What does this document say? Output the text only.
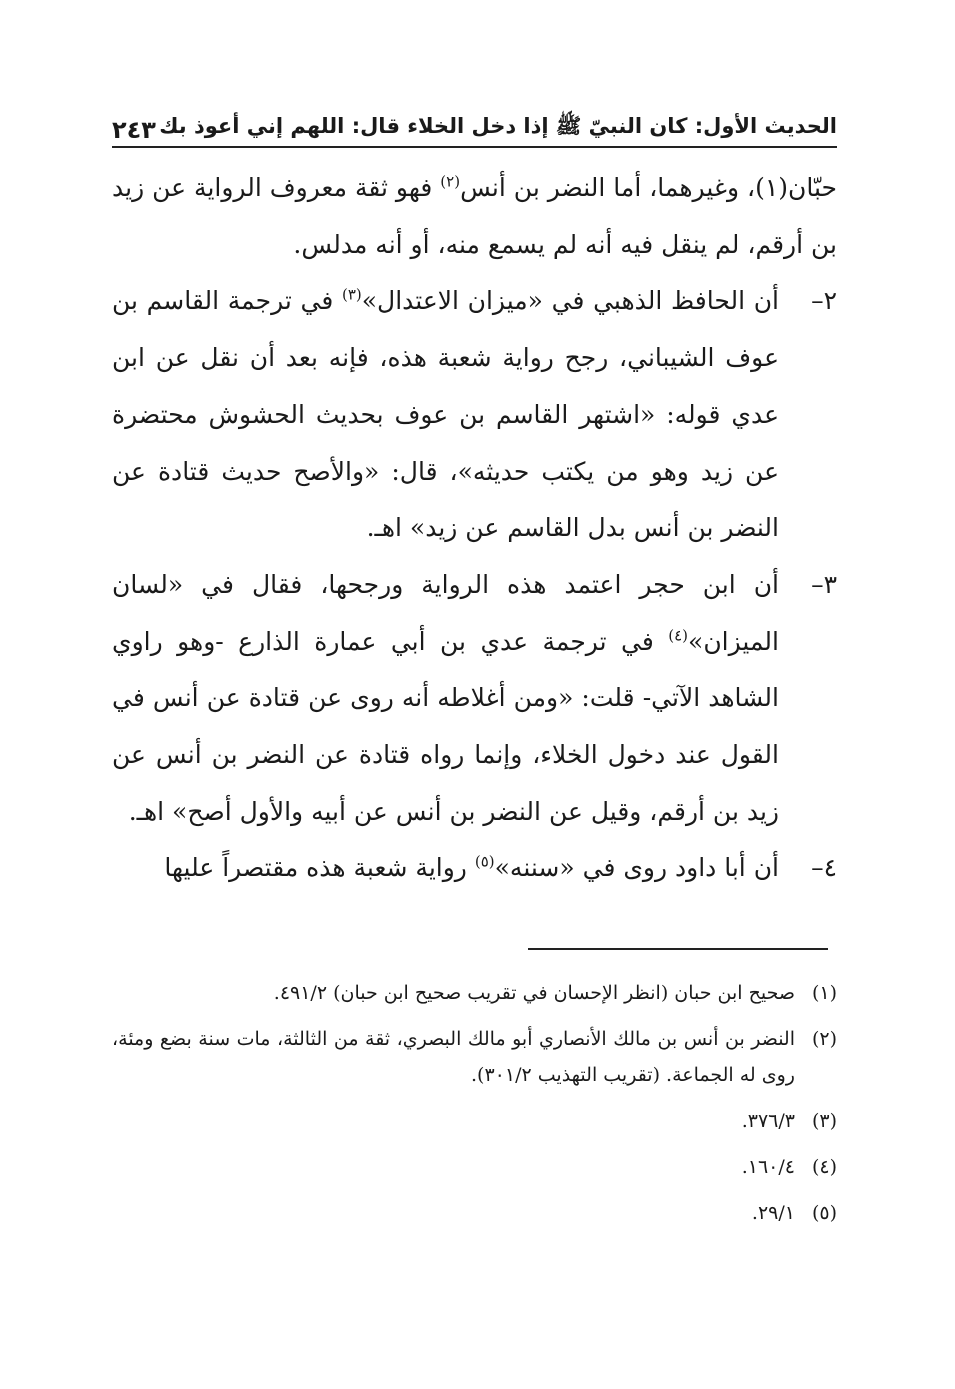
الحديث الأول: كان النبيّ ﷺ إذا دخل الخلاء قال: اللهم إني أعوذ بك
٢٤٣

حبّان(١)، وغيرهما، أما النضر بن أنس$^{(٢)}$ فهو ثقة معروف الرواية عن زيد بن أرقم، لم ينقل فيه أنه لم يسمع منه، أو أنه مدلس.

٢–
أن الحافظ الذهبي في «ميزان الاعتدال»$^{(٣)}$ في ترجمة القاسم بن عوف الشيباني، رجح رواية شعبة هذه، فإنه بعد أن نقل عن ابن عدي قوله: «اشتهر القاسم بن عوف بحديث الحشوش محتضرة عن زيد وهو من يكتب حديثه»، قال: «والأصح حديث قتادة عن النضر بن أنس بدل القاسم عن زيد» اهـ.
٣–
أن ابن حجر اعتمد هذه الرواية ورجحها، فقال في «لسان الميزان»$^{(٤)}$ في ترجمة عدي بن أبي عمارة الذارع -وهو راوي الشاهد الآتي- قلت: «ومن أغلاطه أنه روى عن قتادة عن أنس في القول عند دخول الخلاء، وإنما رواه قتادة عن النضر بن أنس عن زيد بن أرقم، وقيل عن النضر بن أنس عن أبيه والأول أصح» اهـ.
٤–
أن أبا داود روى في «سننه»$^{(٥)}$ رواية شعبة هذه مقتصراً عليها
(١)
صحيح ابن حبان (انظر الإحسان في تقريب صحيح ابن حبان) ٤٩١/٢.
(٢)
النضر بن أنس بن مالك الأنصاري أبو مالك البصري، ثقة من الثالثة، مات سنة بضع ومئة، روى له الجماعة. (تقريب التهذيب ٣٠١/٢).
(٣)
٣٧٦/٣.
(٤)
١٦٠/٤.
(٥)
٢٩/١.
